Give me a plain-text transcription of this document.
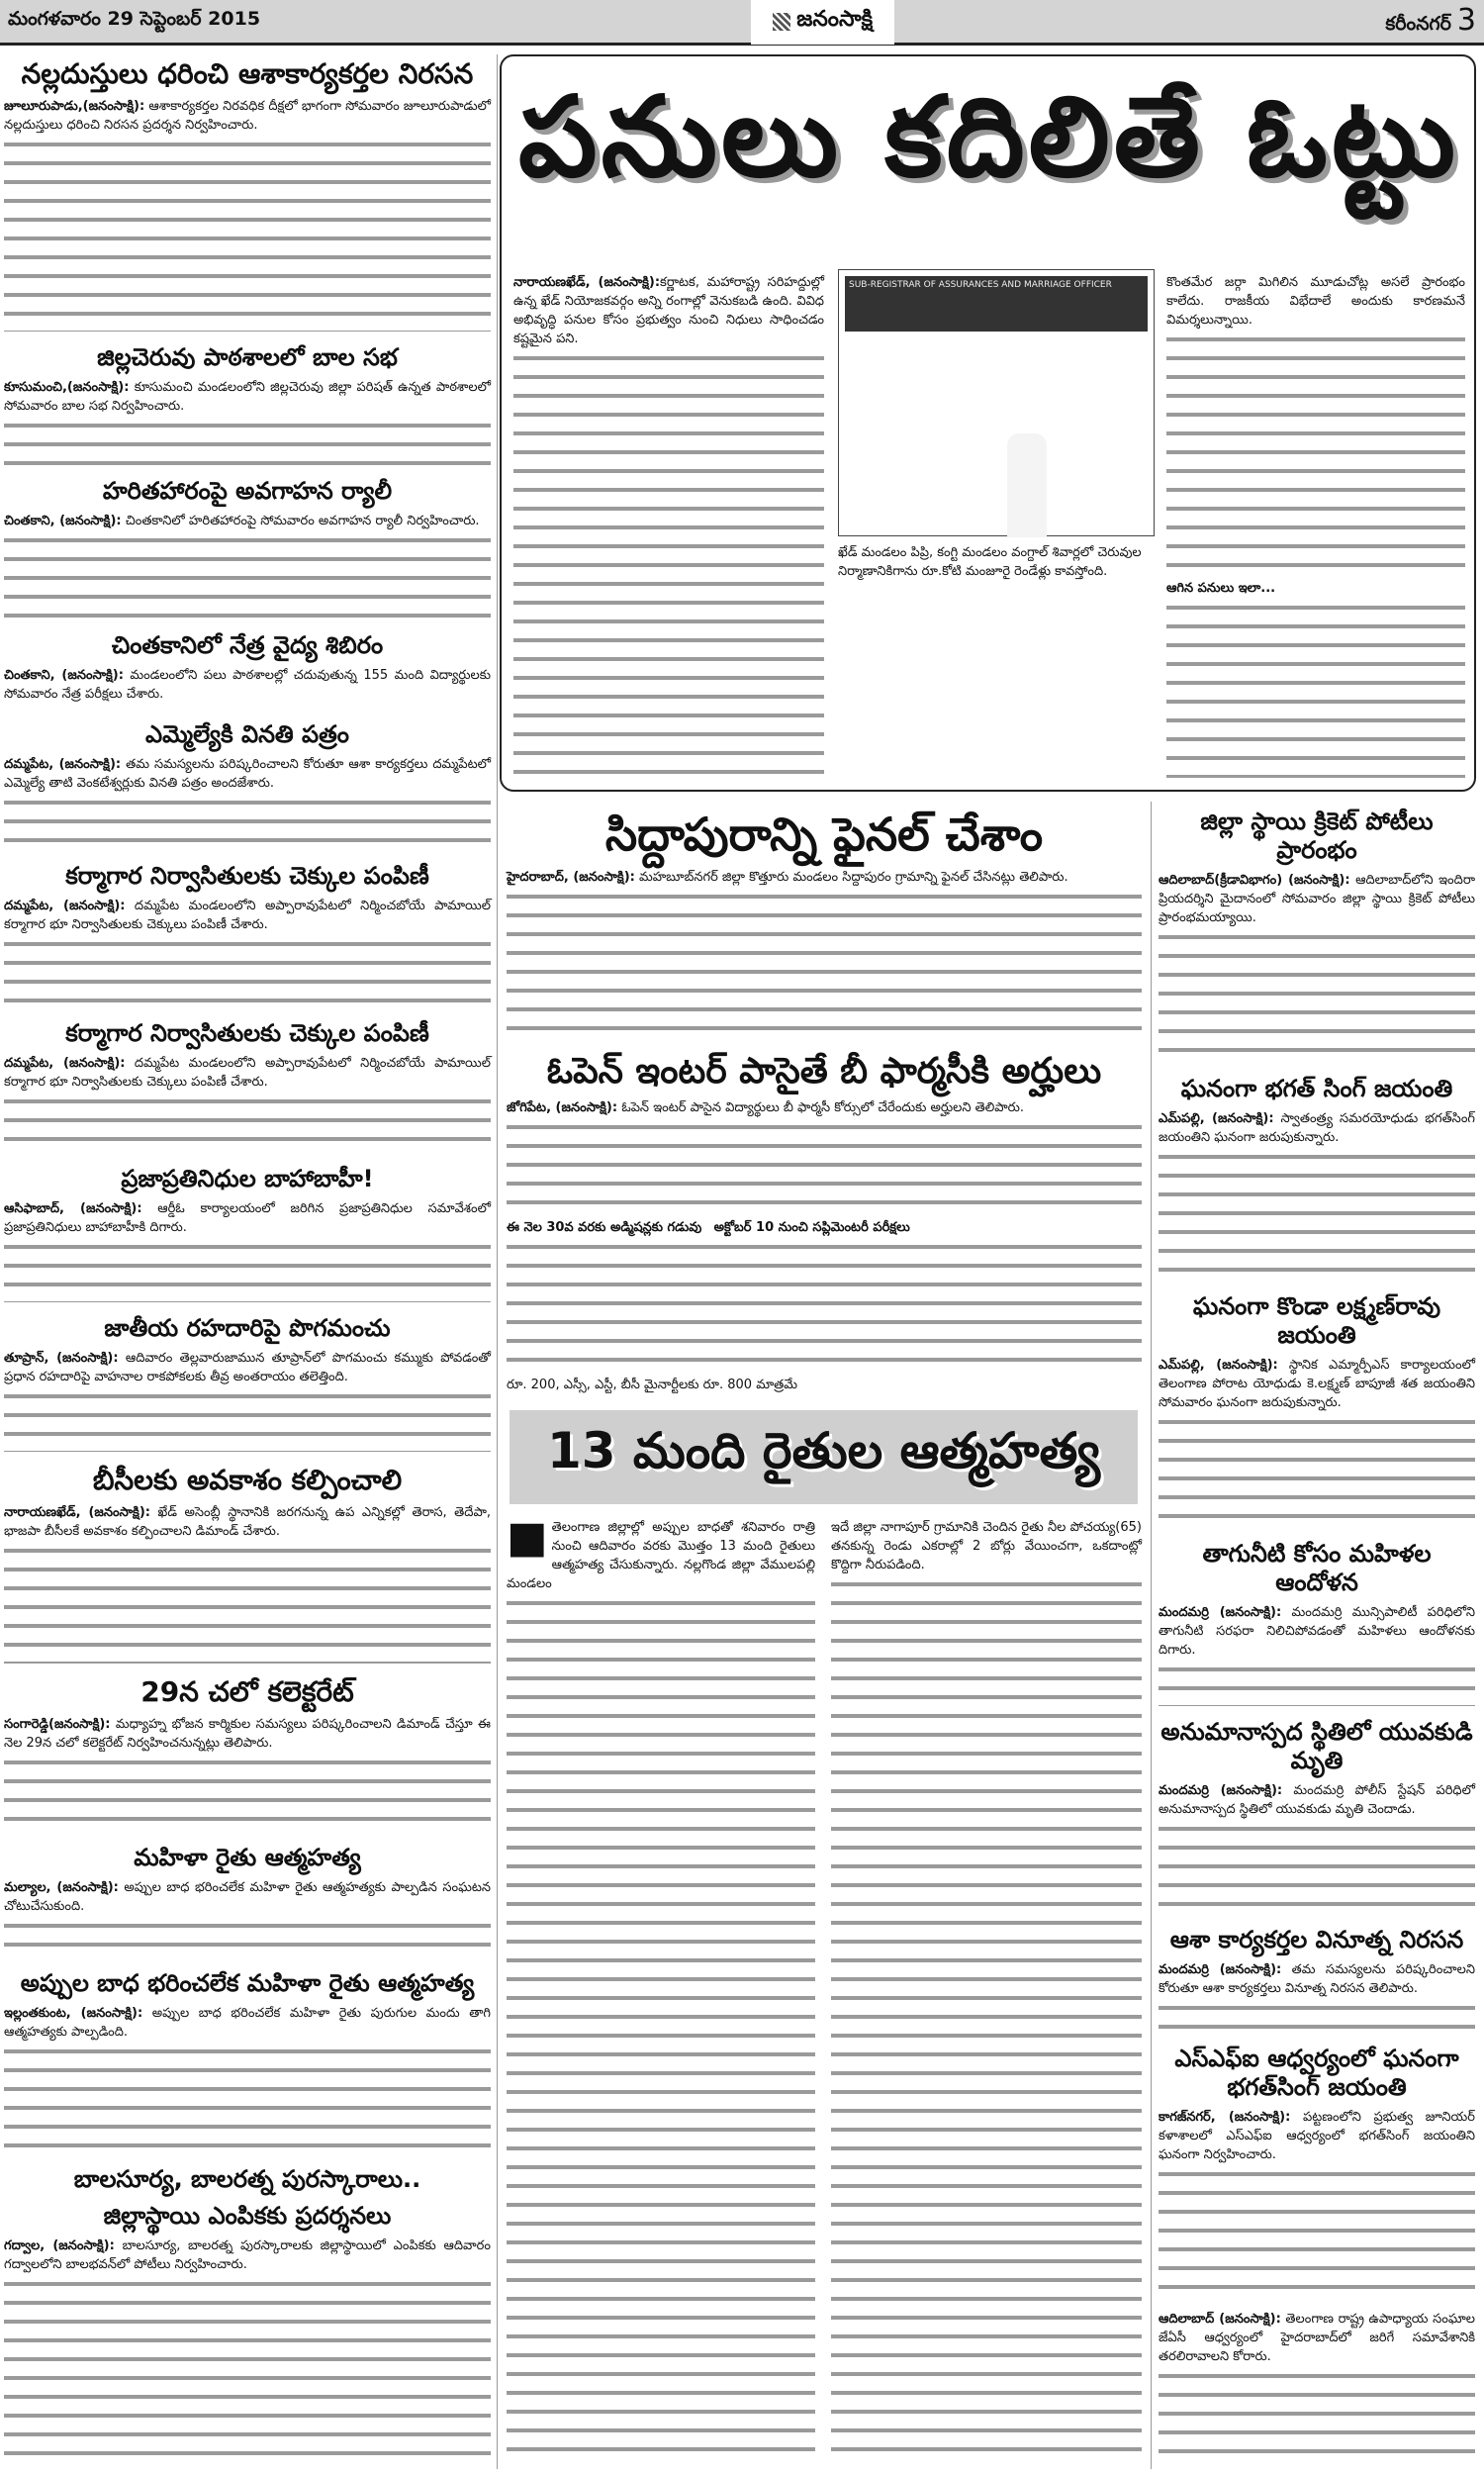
మంగళవారం 29 సెప్టెంబర్ 2015	జనంసాక్షి	కరీంనగర్ 3
నల్లదుస్తులు ధరించి ఆశాకార్యకర్తల నిరసన

జూలూరుపాడు,(జనంసాక్షి): ఆశాకార్యకర్తల నిరవధిక దీక్షలో భాగంగా సోమవారం జూలూరుపాడులో నల్లదుస్తులు ధరించి నిరసన ప్రదర్శన నిర్వహించారు.

జిల్లచెరువు పాఠశాలలో బాల సభ

కూసుమంచి,(జనంసాక్షి): కూసుమంచి మండలంలోని జిల్లచెరువు జిల్లా పరిషత్ ఉన్నత పాఠశాలలో సోమవారం బాల సభ నిర్వహించారు.

హరితహారంపై అవగాహన ర్యాలీ

చింతకాని, (జనంసాక్షి): చింతకానిలో హరితహారంపై సోమవారం అవగాహన ర్యాలీ నిర్వహించారు.

చింతకానిలో నేత్ర వైద్య శిబిరం

చింతకాని, (జనంసాక్షి): మండలంలోని పలు పాఠశాలల్లో చదువుతున్న 155 మంది విద్యార్థులకు సోమవారం నేత్ర పరీక్షలు చేశారు.

ఎమ్మెల్యేకి వినతి పత్రం

దమ్మపేట, (జనంసాక్షి): తమ సమస్యలను పరిష్కరించాలని కోరుతూ ఆశా కార్యకర్తలు దమ్మపేటలో ఎమ్మెల్యే తాటి వెంకటేశ్వర్లుకు వినతి పత్రం అందజేశారు.

కర్మాగార నిర్వాసితులకు చెక్కుల పంపిణీ

దమ్మపేట, (జనంసాక్షి): దమ్మపేట మండలంలోని అప్పారావుపేటలో నిర్మించబోయే పామాయిల్ కర్మాగార భూ నిర్వాసితులకు చెక్కులు పంపిణీ చేశారు.

కర్మాగార నిర్వాసితులకు చెక్కుల పంపిణీ

దమ్మపేట, (జనంసాక్షి): దమ్మపేట మండలంలోని అప్పారావుపేటలో నిర్మించబోయే పామాయిల్ కర్మాగార భూ నిర్వాసితులకు చెక్కులు పంపిణీ చేశారు.

ప్రజాప్రతినిధుల బాహాబాహీ!

ఆసిఫాబాద్, (జనంసాక్షి): ఆర్డీఓ కార్యాలయంలో జరిగిన ప్రజాప్రతినిధుల సమావేశంలో ప్రజాప్రతినిధులు బాహాబాహీకి దిగారు.

జాతీయ రహదారిపై పొగమంచు

తూప్రాన్, (జనంసాక్షి): ఆదివారం తెల్లవారుజామున తూప్రాన్‌లో పొగమంచు కమ్ముకు పోవడంతో ప్రధాన రహదారిపై వాహనాల రాకపోకలకు తీవ్ర అంతరాయం తలెత్తింది.

బీసీలకు అవకాశం కల్పించాలి

నారాయణఖేడ్, (జనంసాక్షి): ఖేడ్ అసెంబ్లీ స్థానానికి జరగనున్న ఉప ఎన్నికల్లో తెరాస, తెదేపా, భాజపా బీసీలకే అవకాశం కల్పించాలని డిమాండ్ చేశారు.

29న చలో కలెక్టరేట్

సంగారెడ్డి(జనంసాక్షి): మధ్యాహ్న భోజన కార్మికుల సమస్యలు పరిష్కరించాలని డిమాండ్ చేస్తూ ఈ నెల 29న చలో కలెక్టరేట్ నిర్వహించనున్నట్లు తెలిపారు.

మహిళా రైతు ఆత్మహత్య

మల్యాల, (జనంసాక్షి): అప్పుల బాధ భరించలేక మహిళా రైతు ఆత్మహత్యకు పాల్పడిన సంఘటన చోటుచేసుకుంది.

అప్పుల బాధ భరించలేక మహిళా రైతు ఆత్మహత్య

ఇల్లంతకుంట, (జనంసాక్షి): అప్పుల బాధ భరించలేక మహిళా రైతు పురుగుల మందు తాగి ఆత్మహత్యకు పాల్పడింది.

బాలసూర్య, బాలరత్న పురస్కారాలు..
జిల్లాస్థాయి ఎంపికకు ప్రదర్శనలు

గద్వాల, (జనంసాక్షి): బాలసూర్య, బాలరత్న పురస్కారాలకు జిల్లాస్థాయిలో ఎంపికకు ఆదివారం గద్వాలలోని బాలభవన్‌లో పోటీలు నిర్వహించారు.

పనులు కదిలితే ఓట్టు

నారాయణఖేడ్, (జనంసాక్షి):కర్ణాటక, మహారాష్ట్ర సరిహద్దుల్లో ఉన్న ఖేడ్ నియోజకవర్గం అన్ని రంగాల్లో వెనుకబడి ఉంది. వివిధ అభివృద్ధి పనుల కోసం ప్రభుత్వం నుంచి నిధులు సాధించడం కష్టమైన పని.

SUB-REGISTRAR OF ASSURANCES AND MARRIAGE OFFICER

ఖేడ్ మండలం పిప్రి, కంగ్టి మండలం వంగ్దాల్ శివార్లలో చెరువుల నిర్మాణానికిగాను రూ.కోటి మంజూరై రెండేళ్లు కావస్తోంది.

కొంతమేర జర్గా మిగిలిన మూడుచోట్ల అసలే ప్రారంభం కాలేదు. రాజకీయ విభేదాలే అందుకు కారణమనే విమర్శలున్నాయి.

ఆగిన పనులు ఇలా...

సిద్దాపురాన్ని ఫైనల్ చేశాం

హైదరాబాద్, (జనంసాక్షి): మహబూబ్‌నగర్ జిల్లా కొత్తూరు మండలం సిద్దాపురం గ్రామాన్ని ఫైనల్ చేసినట్లు తెలిపారు.

ఓపెన్ ఇంటర్ పాసైతే బీ ఫార్మసీకి అర్హులు

జోగిపేట, (జనంసాక్షి): ఓపెన్ ఇంటర్ పాసైన విద్యార్థులు బీ ఫార్మసీ కోర్సులో చేరేందుకు అర్హులని తెలిపారు.

ఈ నెల 30వ వరకు అడ్మిషన్లకు గడువు అక్టోబర్ 10 నుంచి సప్లిమెంటరీ పరీక్షలు

రూ. 200, ఎస్సీ, ఎస్టీ, బీసీ మైనార్టీలకు రూ. 800 మాత్రమే

13 మంది రైతుల ఆత్మహత్య

■ తెలంగాణ జిల్లాల్లో అప్పుల బాధతో శనివారం రాత్రి నుంచి ఆదివారం వరకు మొత్తం 13 మంది రైతులు ఆత్మహత్య చేసుకున్నారు. నల్లగొండ జిల్లా వేములపల్లి మండలం

ఇదే జిల్లా నాగాపూర్ గ్రామానికి చెందిన రైతు నీల పోచయ్య(65) తనకున్న రెండు ఎకరాల్లో 2 బోర్లు వేయించగా, ఒకదాంట్లో కొద్దిగా నీరుపడింది.

జిల్లా స్థాయి క్రికెట్ పోటీలు ప్రారంభం

ఆదిలాబాద్(క్రీడావిభాగం) (జనంసాక్షి): ఆదిలాబాద్‌లోని ఇందిరా ప్రియదర్శిని మైదానంలో సోమవారం జిల్లా స్థాయి క్రికెట్ పోటీలు ప్రారంభమయ్యాయి.

ఘనంగా భగత్ సింగ్ జయంతి

ఎమ్‌పల్లి, (జనంసాక్షి): స్వాతంత్ర్య సమరయోధుడు భగత్‌సింగ్ జయంతిని ఘనంగా జరుపుకున్నారు.

ఘనంగా కొండా లక్ష్మణ్‌రావు జయంతి

ఎమ్‌పల్లి, (జనంసాక్షి): స్థానిక ఎమ్మార్పీఎస్ కార్యాలయంలో తెలంగాణ పోరాట యోధుడు కె.లక్ష్మణ్ బాపూజీ శత జయంతిని సోమవారం ఘనంగా జరుపుకున్నారు.

తాగునీటి కోసం మహిళల ఆందోళన

మందమర్రి (జనంసాక్షి): మందమర్రి మున్సిపాలిటీ పరిధిలోని తాగునీటి సరఫరా నిలిచిపోవడంతో మహిళలు ఆందోళనకు దిగారు.

అనుమానాస్పద స్థితిలో యువకుడి మృతి

మందమర్రి (జనంసాక్షి): మందమర్రి పోలీస్ స్టేషన్ పరిధిలో అనుమానాస్పద స్థితిలో యువకుడు మృతి చెందాడు.

ఆశా కార్యకర్తల వినూత్న నిరసన

మందమర్రి (జనంసాక్షి): తమ సమస్యలను పరిష్కరించాలని కోరుతూ ఆశా కార్యకర్తలు వినూత్న నిరసన తెలిపారు.

ఎస్‌ఎఫ్‌ఐ ఆధ్వర్యంలో ఘనంగా భగత్‌సింగ్ జయంతి

కాగజ్‌నగర్, (జనంసాక్షి): పట్టణంలోని ప్రభుత్వ జూనియర్ కళాశాలలో ఎస్‌ఎఫ్‌ఐ ఆధ్వర్యంలో భగత్‌సింగ్ జయంతిని ఘనంగా నిర్వహించారు.

ఆదిలాబాద్ (జనంసాక్షి): తెలంగాణ రాష్ట్ర ఉపాధ్యాయ సంఘాల జేఏసీ ఆధ్వర్యంలో హైదరాబాద్‌లో జరిగే సమావేశానికి తరలిరావాలని కోరారు.
